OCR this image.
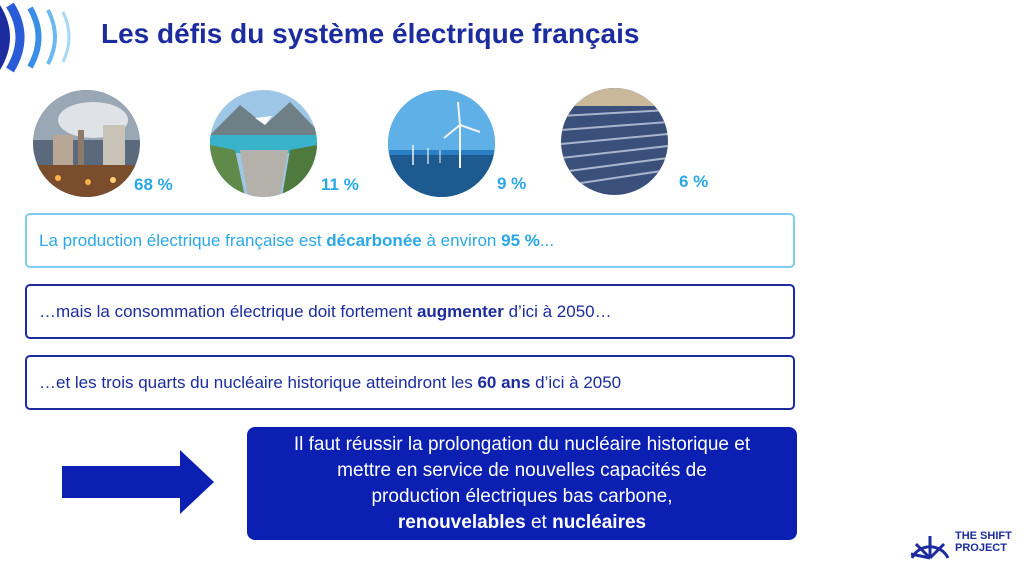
Les défis du système électrique français
68 %	11 %	9 %	6 %
La production électrique française est décarbonée à environ 95 % ...
…mais la consommation électrique doit fortement augmenter d’ici à 2050…
…et les trois quarts du nucléaire historique atteindront les 60 ans d’ici à 2050
Il faut réussir la prolongation du nucléaire historique et
mettre en service de nouvelles capacités de
production électriques bas carbone,
renouvelables et nucléaires
THE SHIFT
PROJECT
